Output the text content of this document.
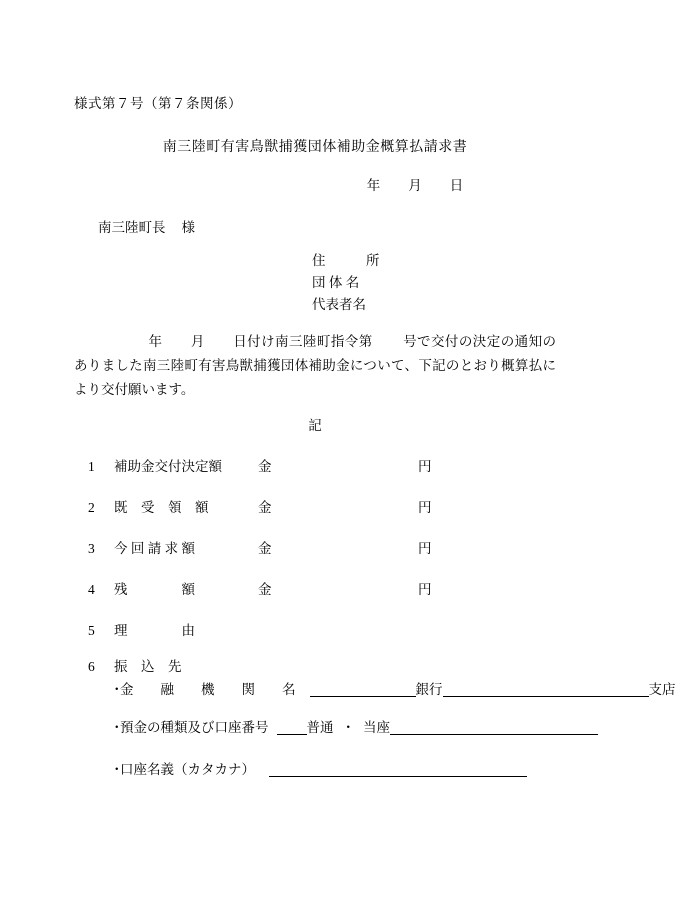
様式第７号（第７条関係）
南三陸町有害鳥獣捕獲団体補助金概算払請求書
年 月 日
南三陸町長 様
住　　　所
団 体 名
代表者名
年 月 日付け南三陸町指令第 号で交付の決定の通知のありました南三陸町有害鳥獣捕獲団体補助金について、下記のとおり概算払により交付願います。
記
1 補助金交付決定額	金	円
2 既　受　領　額	金	円
3 今 回 請 求 額	金	円
4 残　　　　額	金	円
5 理　　　　由
6 振　込　先
・金　　融　　機　　関　　名	銀行	支店
・預金の種類及び口座番号	普通 ・ 当座
・口座名義（カタカナ）
